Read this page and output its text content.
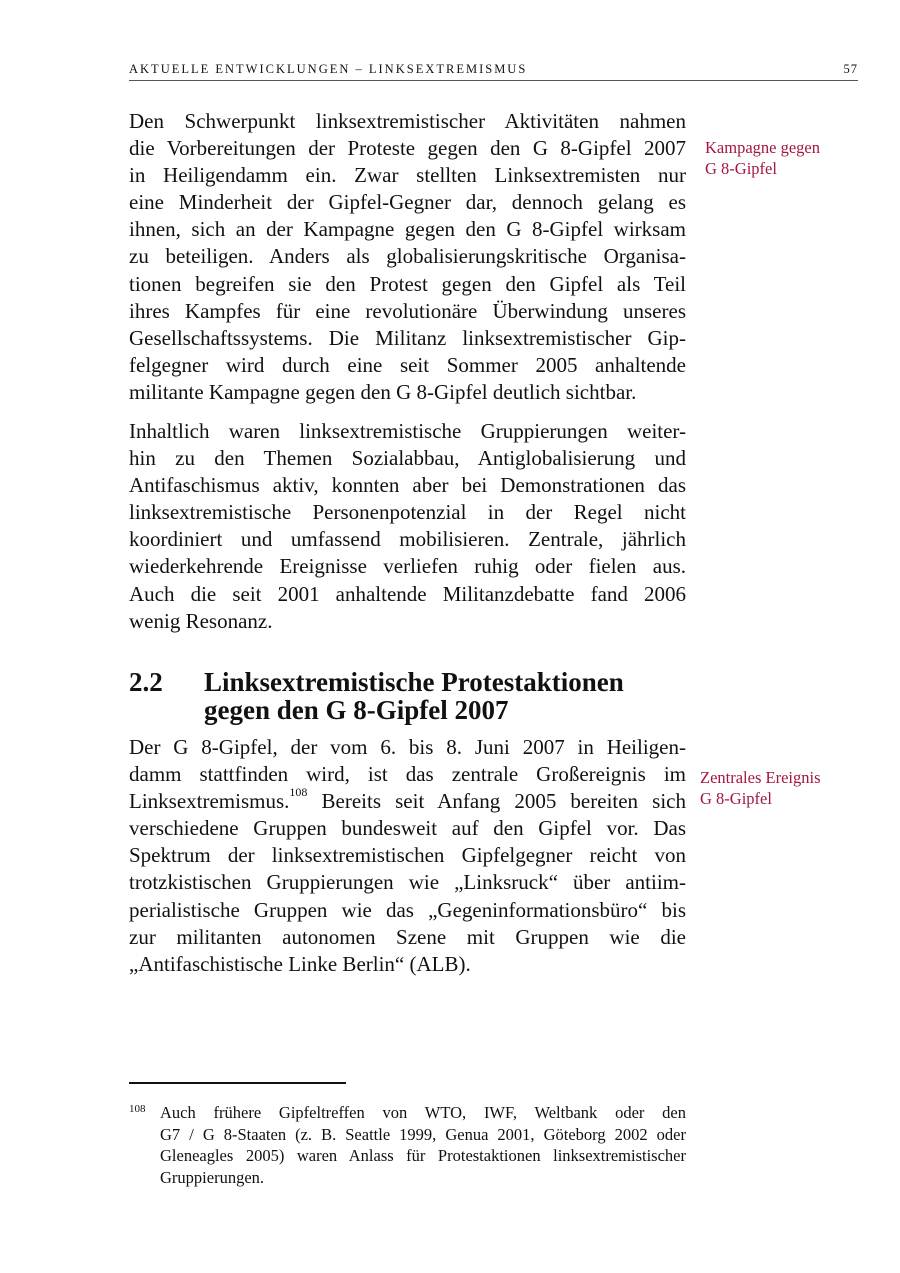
AKTUELLE ENTWICKLUNGEN – LINKSEXTREMISMUS	57
Den Schwerpunkt linksextremistischer Aktivitäten nahmen
die Vorbereitungen der Proteste gegen den G 8-Gipfel 2007
in Heiligendamm ein. Zwar stellten Linksextremisten nur
eine Minderheit der Gipfel-Gegner dar, dennoch gelang es
ihnen, sich an der Kampagne gegen den G 8-Gipfel wirksam
zu beteiligen. Anders als globalisierungskritische Organisa-
tionen begreifen sie den Protest gegen den Gipfel als Teil
ihres Kampfes für eine revolutionäre Überwindung unseres
Gesellschaftssystems. Die Militanz linksextremistischer Gip-
felgegner wird durch eine seit Sommer 2005 anhaltende
militante Kampagne gegen den G 8-Gipfel deutlich sichtbar.
Inhaltlich waren linksextremistische Gruppierungen weiter-
hin zu den Themen Sozialabbau, Antiglobalisierung und
Antifaschismus aktiv, konnten aber bei Demonstrationen das
linksextremistische Personenpotenzial in der Regel nicht
koordiniert und umfassend mobilisieren. Zentrale, jährlich
wiederkehrende Ereignisse verliefen ruhig oder fielen aus.
Auch die seit 2001 anhaltende Militanzdebatte fand 2006
wenig Resonanz.
Kampagne gegen
G 8-Gipfel
2.2 Linksextremistische Protestaktionen
gegen den G 8-Gipfel 2007
Der G 8-Gipfel, der vom 6. bis 8. Juni 2007 in Heiligen-
damm stattfinden wird, ist das zentrale Großereignis im
Linksextremismus.$^{108}$ Bereits seit Anfang 2005 bereiten sich
verschiedene Gruppen bundesweit auf den Gipfel vor. Das
Spektrum der linksextremistischen Gipfelgegner reicht von
trotzkistischen Gruppierungen wie „Linksruck“ über antiim-
perialistische Gruppen wie das „Gegeninformationsbüro“ bis
zur militanten autonomen Szene mit Gruppen wie die
„Antifaschistische Linke Berlin“ (ALB).
Zentrales Ereignis
G 8-Gipfel
108 Auch frühere Gipfeltreffen von WTO, IWF, Weltbank oder den
G7 / G 8-Staaten (z. B. Seattle 1999, Genua 2001, Göteborg 2002 oder
Gleneagles 2005) waren Anlass für Protestaktionen linksextremistischer
Gruppierungen.
